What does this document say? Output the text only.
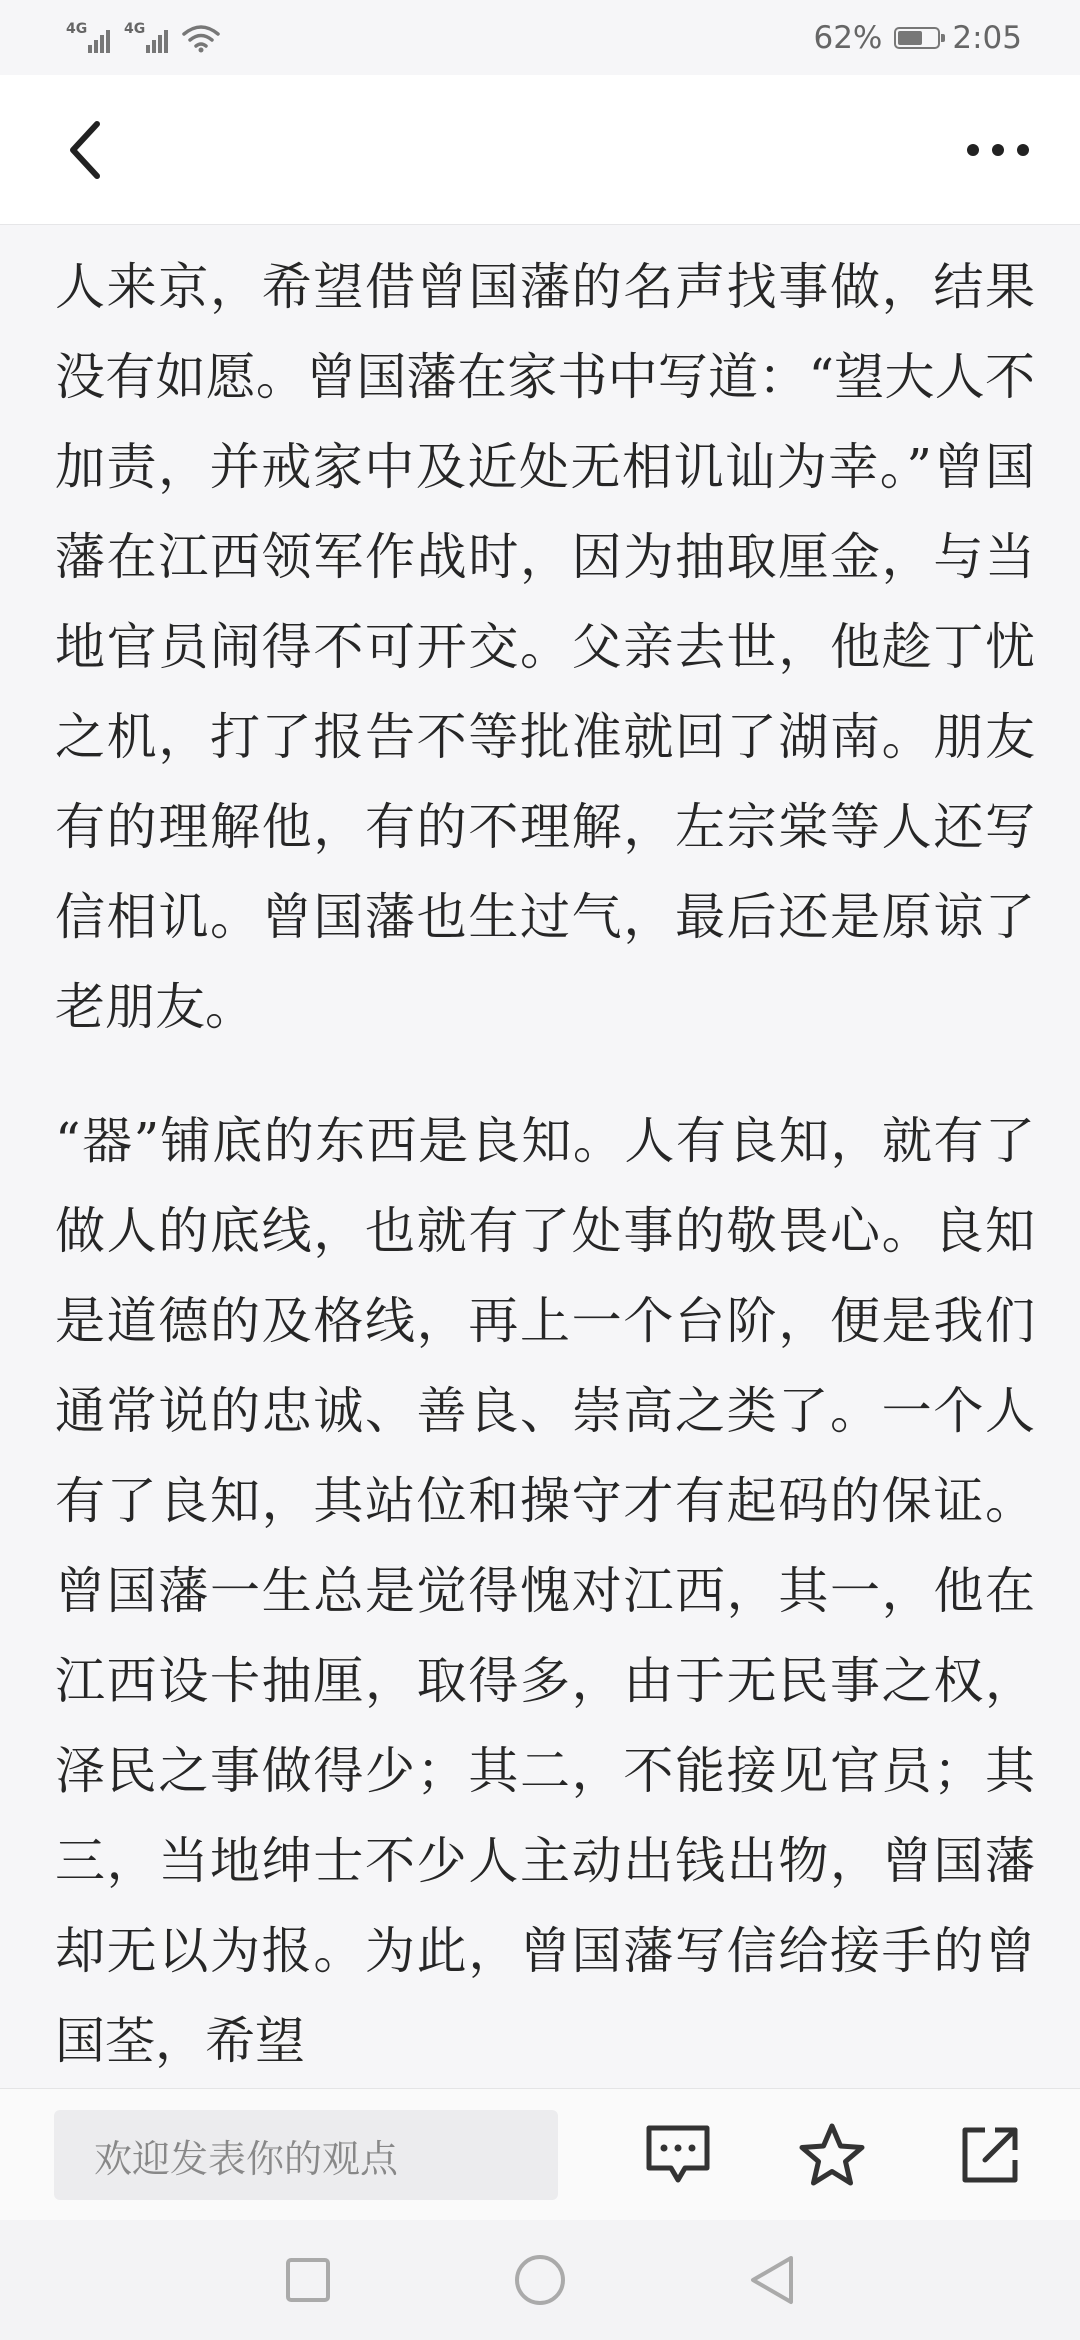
4G	4G	62% 2:05

人来京，希望借曾国藩的名声找事做，结果没有如愿。曾国藩在家书中写道：“望大人不加责，并戒家中及近处无相讥讪为幸。”曾国藩在江西领军作战时，因为抽取厘金，与当地官员闹得不可开交。父亲去世，他趁丁忧之机，打了报告不等批准就回了湖南。朋友有的理解他，有的不理解，左宗棠等人还写信相讥。曾国藩也生过气，最后还是原谅了老朋友。

“器”铺底的东西是良知。人有良知，就有了做人的底线，也就有了处事的敬畏心。良知是道德的及格线，再上一个台阶，便是我们通常说的忠诚、善良、崇高之类了。一个人有了良知，其站位和操守才有起码的保证。曾国藩一生总是觉得愧对江西，其一，他在江西设卡抽厘，取得多，由于无民事之权，泽民之事做得少；其二，不能接见官员；其三，当地绅士不少人主动出钱出物，曾国藩却无以为报。为此，曾国藩写信给接手的曾国荃，希望

欢迎发表你的观点
